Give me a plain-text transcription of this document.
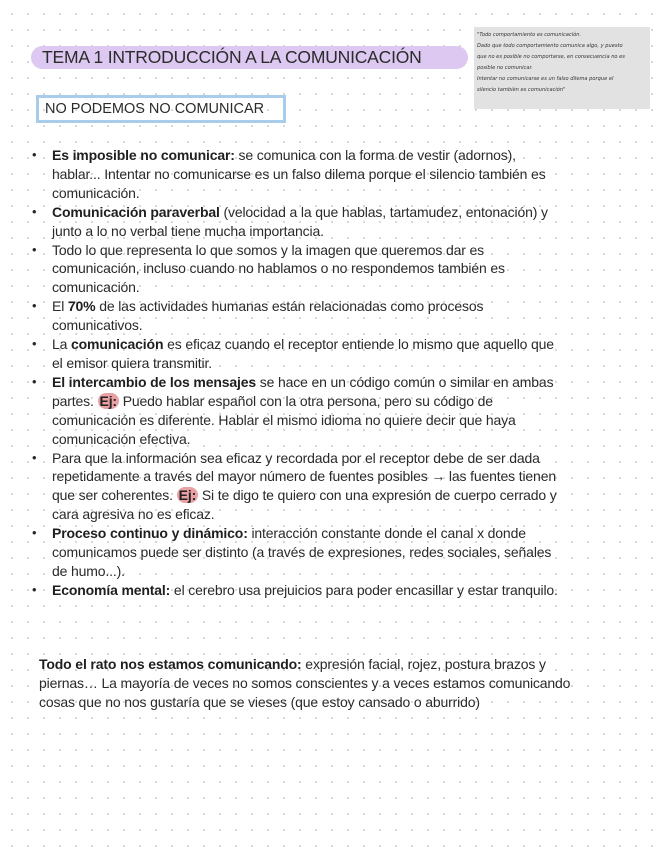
TEMA 1 INTRODUCCIÓN A LA COMUNICACIÓN
"Todo comportamiento es comunicación.
Dado que todo comportamiento comunica algo, y puesto
que no es posible no comportarse, en consecuencia no es
posible no comunicar.
Intentar no comunicarse es un falso dilema porque el
silencio también es comunicación"
NO PODEMOS NO COMUNICAR
• Es imposible no comunicar: se comunica con la forma de vestir (adornos), hablar... Intentar no comunicarse es un falso dilema porque el silencio también es comunicación.
• Comunicación paraverbal (velocidad a la que hablas, tartamudez, entonación) y junto a lo no verbal tiene mucha importancia.
• Todo lo que representa lo que somos y la imagen que queremos dar es comunicación, incluso cuando no hablamos o no respondemos también es comunicación.
• El 70% de las actividades humanas están relacionadas como procesos comunicativos.
• La comunicación es eficaz cuando el receptor entiende lo mismo que aquello que el emisor quiera transmitir.
• El intercambio de los mensajes se hace en un código común o similar en ambas partes. Ej: Puedo hablar español con la otra persona, pero su código de comunicación es diferente. Hablar el mismo idioma no quiere decir que haya comunicación efectiva.
• Para que la información sea eficaz y recordada por el receptor debe de ser dada repetidamente a través del mayor número de fuentes posibles → las fuentes tienen que ser coherentes. Ej: Si te digo te quiero con una expresión de cuerpo cerrado y cara agresiva no es eficaz.
• Proceso continuo y dinámico: interacción constante donde el canal x donde comunicamos puede ser distinto (a través de expresiones, redes sociales, señales de humo...).
• Economía mental: el cerebro usa prejuicios para poder encasillar y estar tranquilo.
Todo el rato nos estamos comunicando: expresión facial, rojez, postura brazos y piernas… La mayoría de veces no somos conscientes y a veces estamos comunicando cosas que no nos gustaría que se vieses (que estoy cansado o aburrido)
